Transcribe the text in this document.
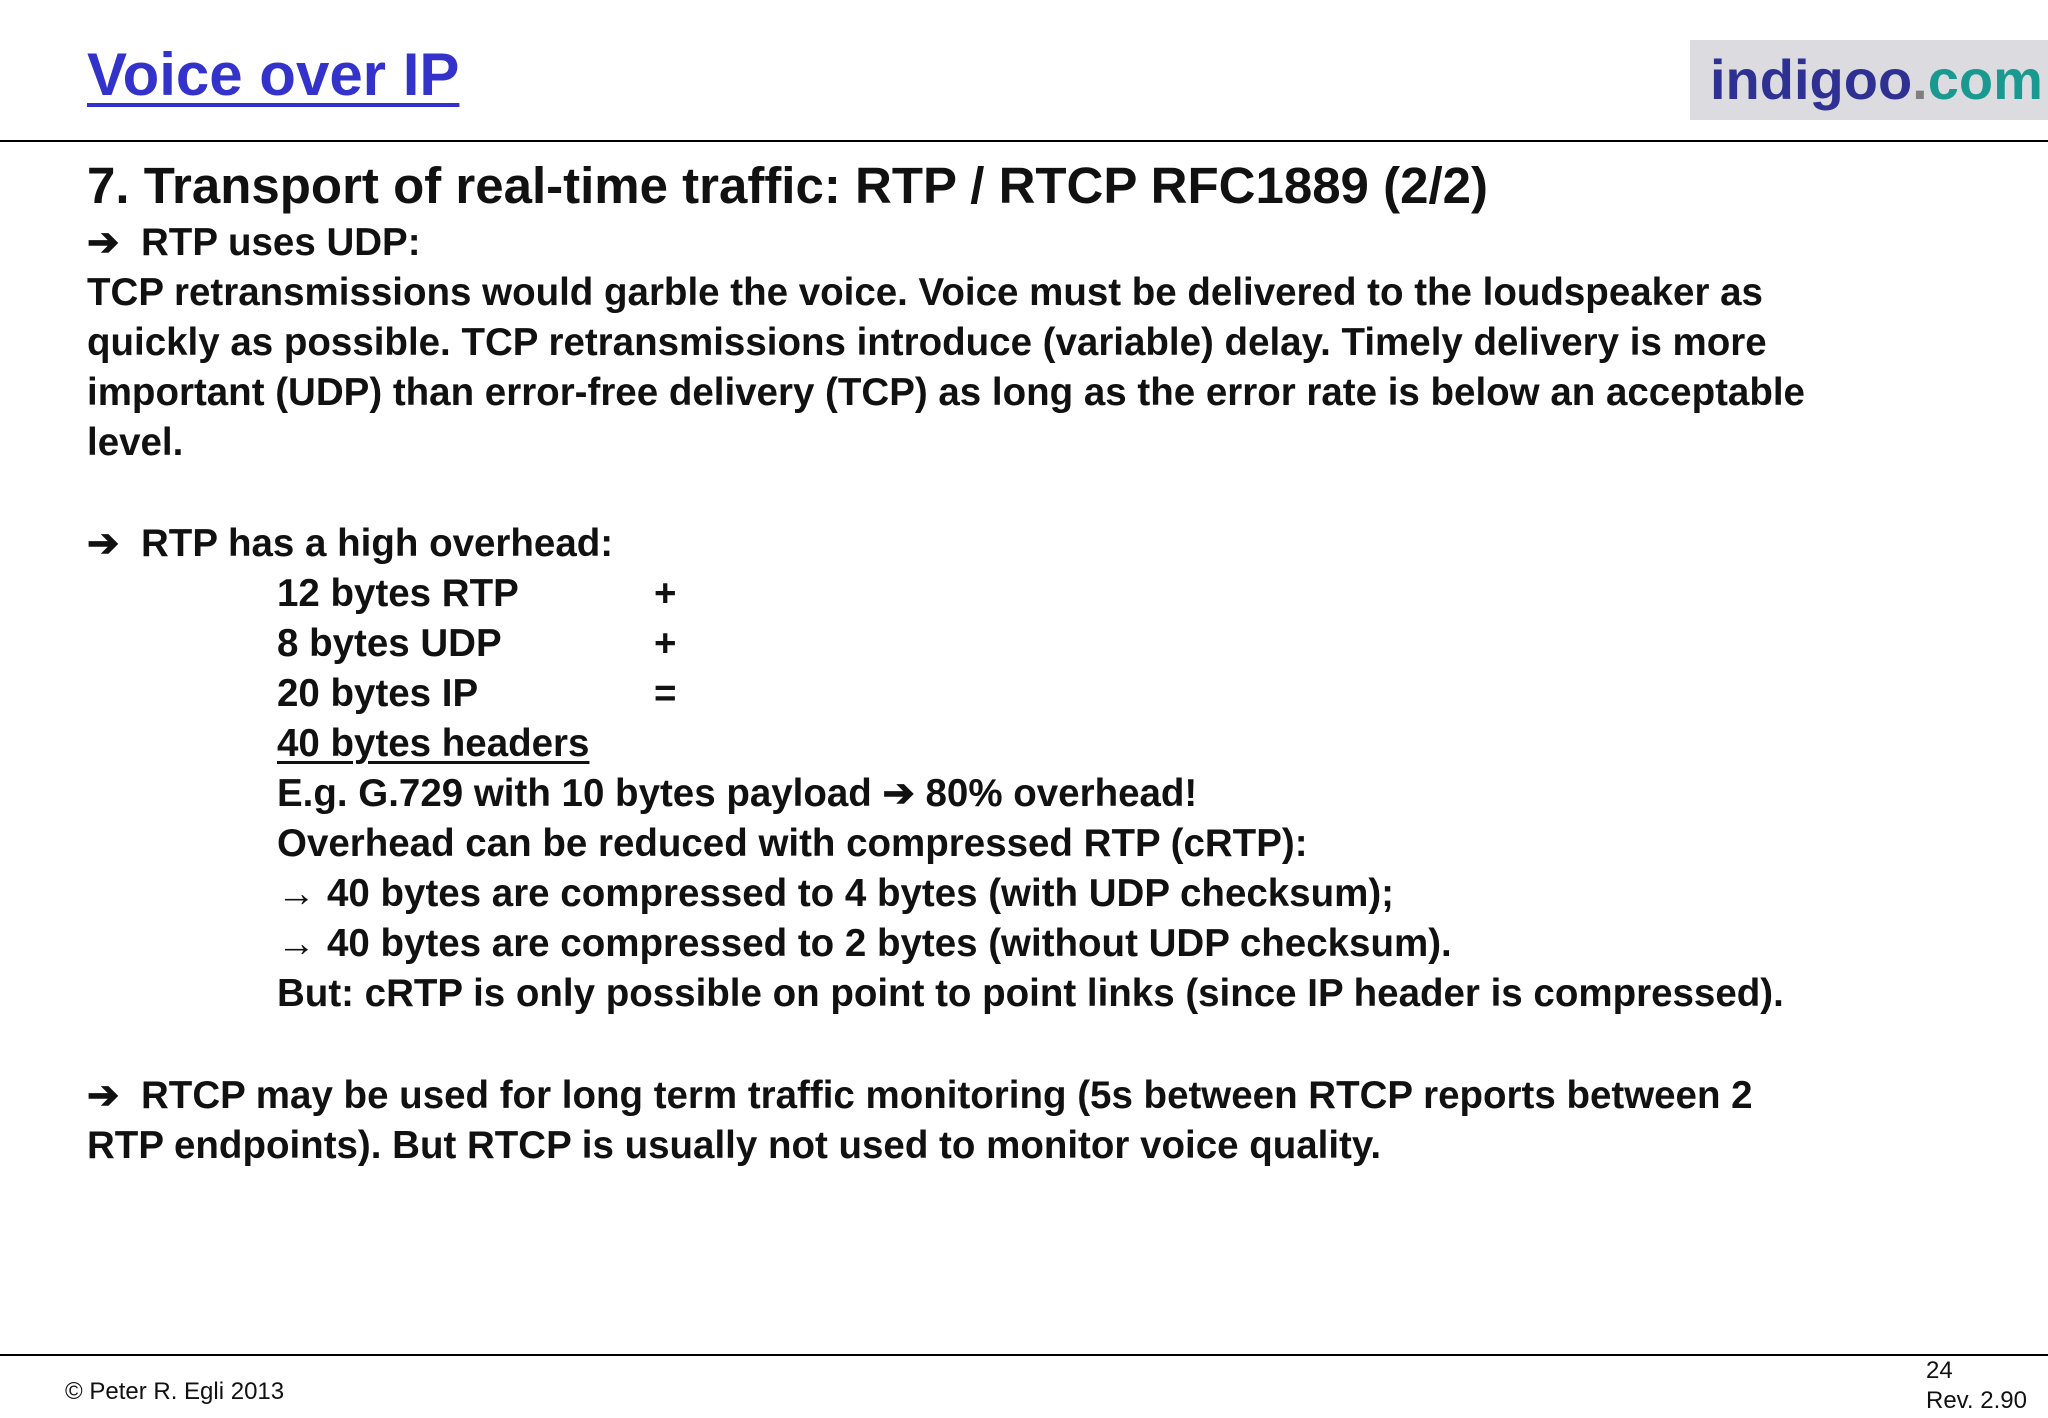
Voice over IP	indigoo . com
7. Transport of real-time traffic: RTP / RTCP RFC1889 (2/2)
➔ RTP uses UDP:
TCP retransmissions would garble the voice. Voice must be delivered to the loudspeaker as
quickly as possible. TCP retransmissions introduce (variable) delay. Timely delivery is more
important (UDP) than error-free delivery (TCP) as long as the error rate is below an acceptable
level.
➔ RTP has a high overhead:
12 bytes RTP	+
8 bytes UDP	+
20 bytes IP	=
40 bytes headers
E.g. G.729 with 10 bytes payload ➔ 80% overhead!
Overhead can be reduced with compressed RTP (cRTP):
→ 40 bytes are compressed to 4 bytes (with UDP checksum);
→ 40 bytes are compressed to 2 bytes (without UDP checksum).
But: cRTP is only possible on point to point links (since IP header is compressed).
➔ RTCP may be used for long term traffic monitoring (5s between RTCP reports between 2
RTP endpoints). But RTCP is usually not used to monitor voice quality.
© Peter R. Egli 2013
24
Rev. 2.90
